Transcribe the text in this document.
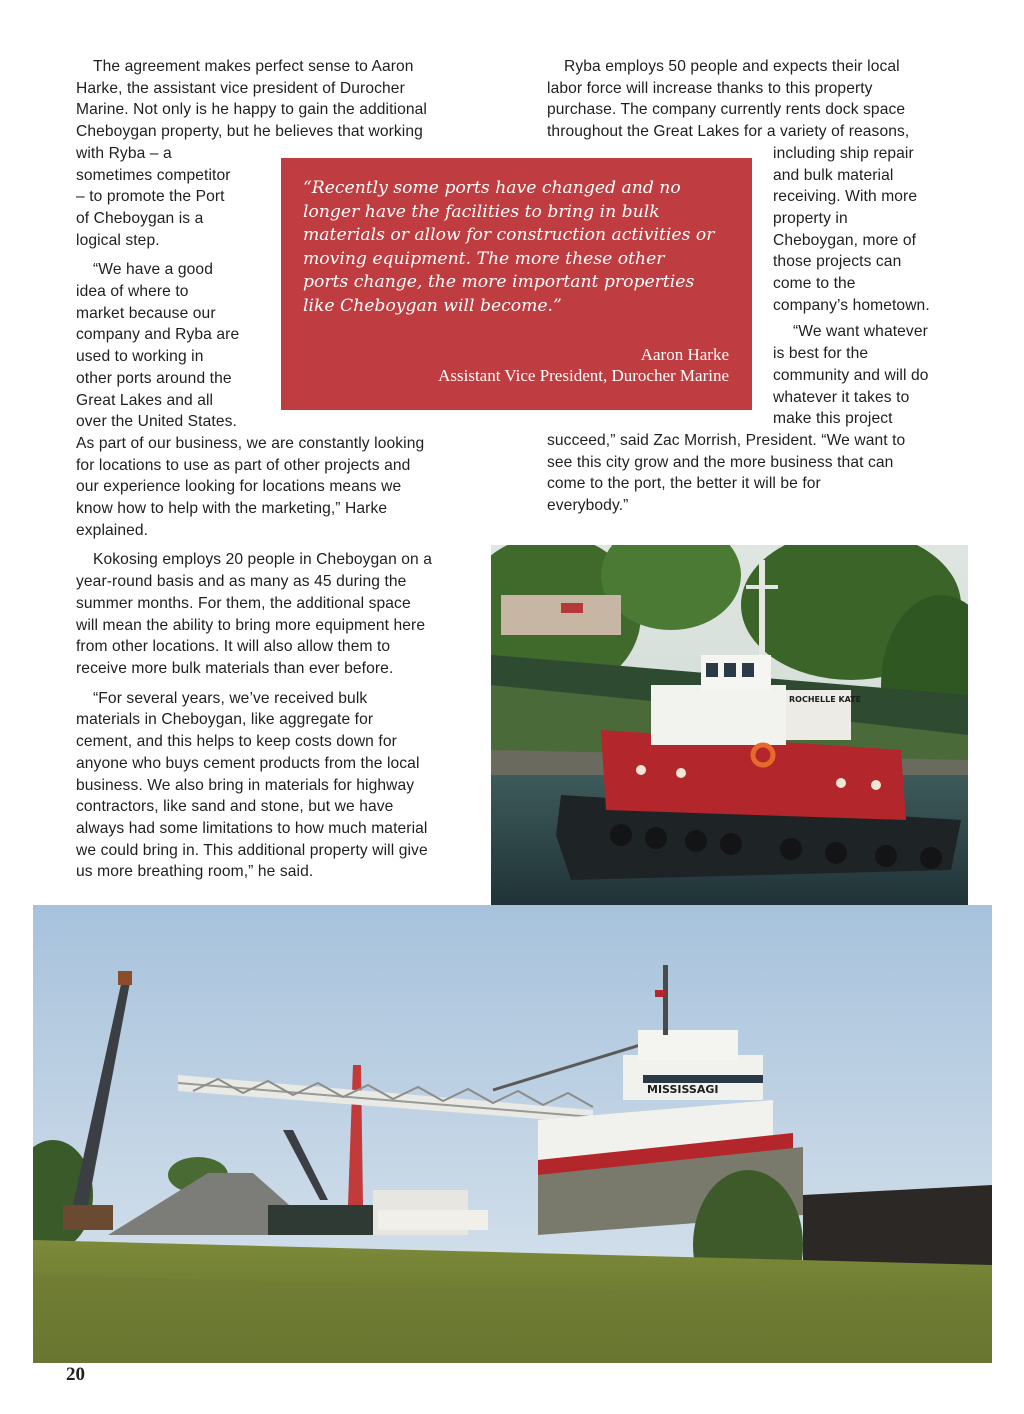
The agreement makes perfect sense to Aaron
Harke, the assistant vice president of Durocher
Marine. Not only is he happy to gain the additional
Cheboygan property, but he believes that working
with Ryba – a
sometimes competitor
– to promote the Port
of Cheboygan is a
logical step.
“We have a good
idea of where to
market because our
company and Ryba are
used to working in
other ports around the
Great Lakes and all
over the United States.
As part of our business, we are constantly looking
for locations to use as part of other projects and
our experience looking for locations means we
know how to help with the marketing,” Harke
explained.
Kokosing employs 20 people in Cheboygan on a
year-round basis and as many as 45 during the
summer months. For them, the additional space
will mean the ability to bring more equipment here
from other locations. It will also allow them to
receive more bulk materials than ever before.
“For several years, we’ve received bulk
materials in Cheboygan, like aggregate for
cement, and this helps to keep costs down for
anyone who buys cement products from the local
business. We also bring in materials for highway
contractors, like sand and stone, but we have
always had some limitations to how much material
we could bring in. This additional property will give
us more breathing room,” he said.
Ryba employs 50 people and expects their local
labor force will increase thanks to this property
purchase. The company currently rents dock space
throughout the Great Lakes for a variety of reasons,
including ship repair
and bulk material
receiving. With more
property in
Cheboygan, more of
those projects can
come to the
company’s hometown.
“We want whatever
is best for the
community and will do
whatever it takes to
make this project
succeed,” said Zac Morrish, President. “We want to
see this city grow and the more business that can
come to the port, the better it will be for
everybody.”
“Recently some ports have changed and no
longer have the facilities to bring in bulk
materials or allow for construction activities or
moving equipment. The more these other
ports change, the more important properties
like Cheboygan will become.”
Aaron Harke
Assistant Vice President, Durocher Marine
ROCHELLE KATE
MISSISSAGI
20
